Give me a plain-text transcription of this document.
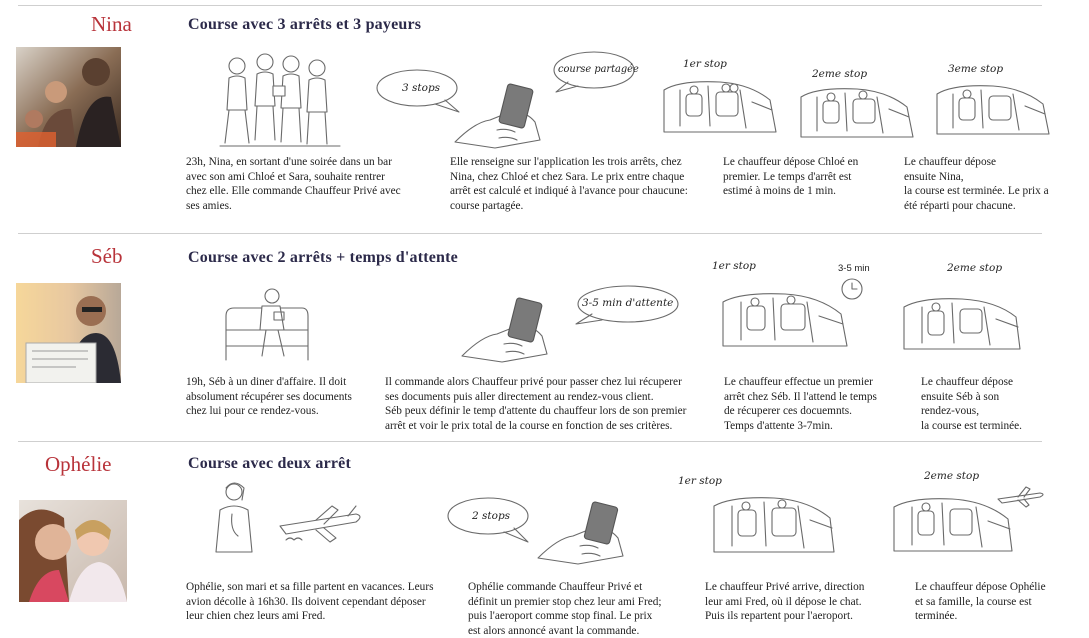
Nina	Course avec 3 arrêts et 3 payeurs
3 stops
course partagée	1er stop
2eme stop	3eme stop
23h, Nina, en sortant d'une soirée dans un bar
avec son ami Chloé et Sara, souhaite rentrer
chez elle. Elle commande Chauffeur Privé avec
ses amies.
Elle renseigne sur l'application les trois arrêts, chez
Nina, chez Chloé et chez Sara. Le prix entre chaque
arrêt est calculé et indiqué à l'avance pour chaucune:
course partagée.
Le chauffeur dépose Chloé en
premier. Le temps d'arrêt est
estimé à moins de 1 min.
Le chauffeur dépose
ensuite Nina,
la course est terminée. Le prix a
été réparti pour chacune.
Séb	Course avec 2 arrêts + temps d'attente
3-5 min d'attente
1er stop	3-5 min	2eme stop
19h, Séb à un diner d'affaire. Il doit
absolument récupérer ses documents
chez lui pour ce rendez-vous.
Il commande alors Chauffeur privé pour passer chez lui récuperer
ses documents puis aller directement au rendez-vous client.
Séb peux définir le temp d'attente du chauffeur lors de son premier
arrêt et voir le prix total de la course en fonction de ses critères.
Le chauffeur effectue un premier
arrêt chez Séb. Il l'attend le temps
de récuperer ces docuemnts.
Temps d'attente 3-7min.
Le chauffeur dépose
ensuite Séb à son
rendez-vous,
la course est terminée.
Ophélie	Course avec deux arrêt
2 stops
1er stop	2eme stop
Ophélie, son mari et sa fille partent en vacances. Leurs
avion décolle à 16h30. Ils doivent cependant déposer
leur chien chez leurs ami Fred.
Ophélie commande Chauffeur Privé et
définit un premier stop chez leur ami Fred;
puis l'aeroport comme stop final. Le prix
est alors annoncé avant la commande.
Le chauffeur Privé arrive, direction
leur ami Fred, où il dépose le chat.
Puis ils repartent pour l'aeroport.
Le chauffeur dépose Ophélie
et sa famille, la course est
terminée.
